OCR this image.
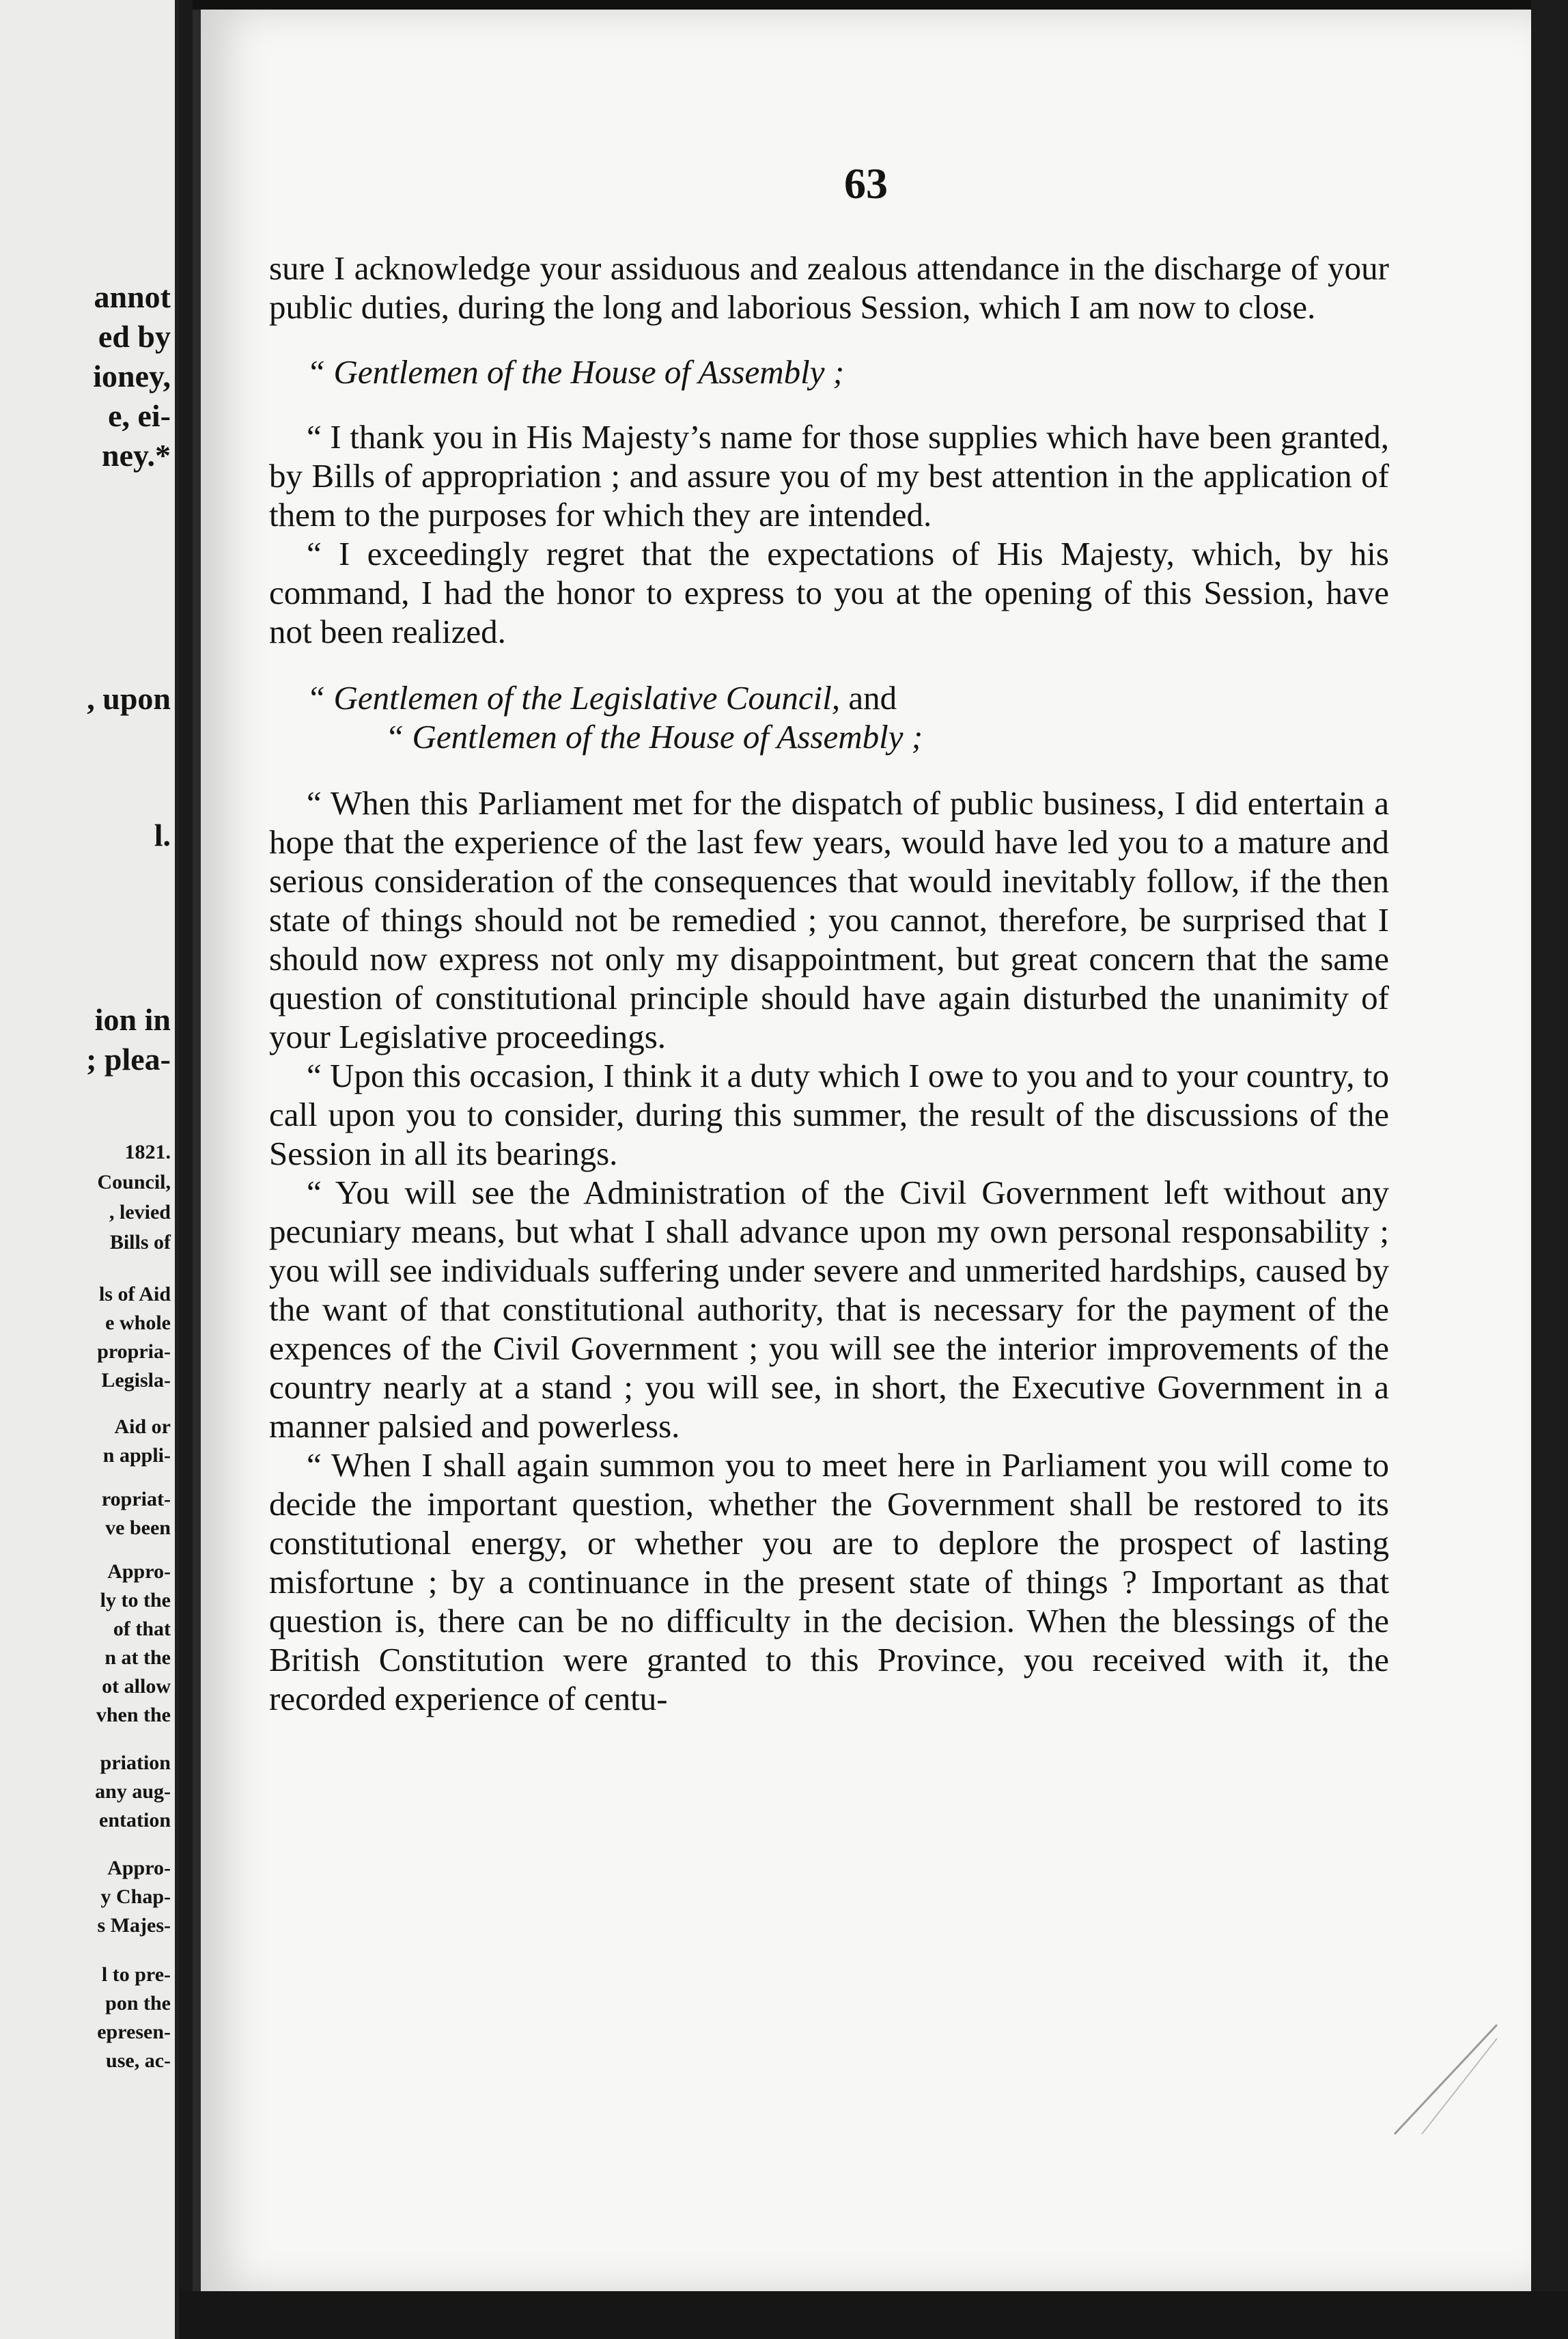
annot
ed by
ioney,
e, ei-
ney.*
, upon
l.
ion in
; plea-
1821.
Council,
, levied
Bills of
ls of Aid
e whole
propria-
Legisla-
Aid or
n appli-
ropriat-
ve been
Appro-
ly to the
of that
n at the
ot allow
vhen the
priation
any aug-
entation
Appro-
y Chap-
s Majes-
l to pre-
pon the
epresen-
use, ac-
63

sure I acknowledge your assiduous and zealous attendance in the discharge of your public duties, during the long and laborious Session, which I am now to close.

“ Gentlemen of the House of Assembly ;

“ I thank you in His Majesty’s name for those supplies which have been granted, by Bills of appropriation ; and assure you of my best attention in the application of them to the purposes for which they are intended.

“ I exceedingly regret that the expectations of His Majesty, which, by his command, I had the honor to express to you at the opening of this Session, have not been realized.

“ Gentlemen of the Legislative Council, and

“ Gentlemen of the House of Assembly ;

“ When this Parliament met for the dispatch of public business, I did entertain a hope that the experience of the last few years, would have led you to a mature and serious consideration of the consequences that would inevitably follow, if the then state of things should not be remedied ; you cannot, therefore, be surprised that I should now express not only my disappointment, but great concern that the same question of constitutional principle should have again disturbed the unanimity of your Legislative proceedings.

“ Upon this occasion, I think it a duty which I owe to you and to your country, to call upon you to consider, during this summer, the result of the discussions of the Session in all its bearings.

“ You will see the Administration of the Civil Government left without any pecuniary means, but what I shall advance upon my own personal responsability ; you will see individuals suffering under severe and unmerited hardships, caused by the want of that constitutional authority, that is necessary for the payment of the expences of the Civil Government ; you will see the interior improvements of the country nearly at a stand ; you will see, in short, the Executive Government in a manner palsied and powerless.

“ When I shall again summon you to meet here in Parliament you will come to decide the important question, whether the Government shall be restored to its constitutional energy, or whether you are to deplore the prospect of lasting misfortune ; by a continuance in the present state of things ? Important as that question is, there can be no difficulty in the decision. When the blessings of the British Constitution were granted to this Province, you received with it, the recorded experience of centu-
